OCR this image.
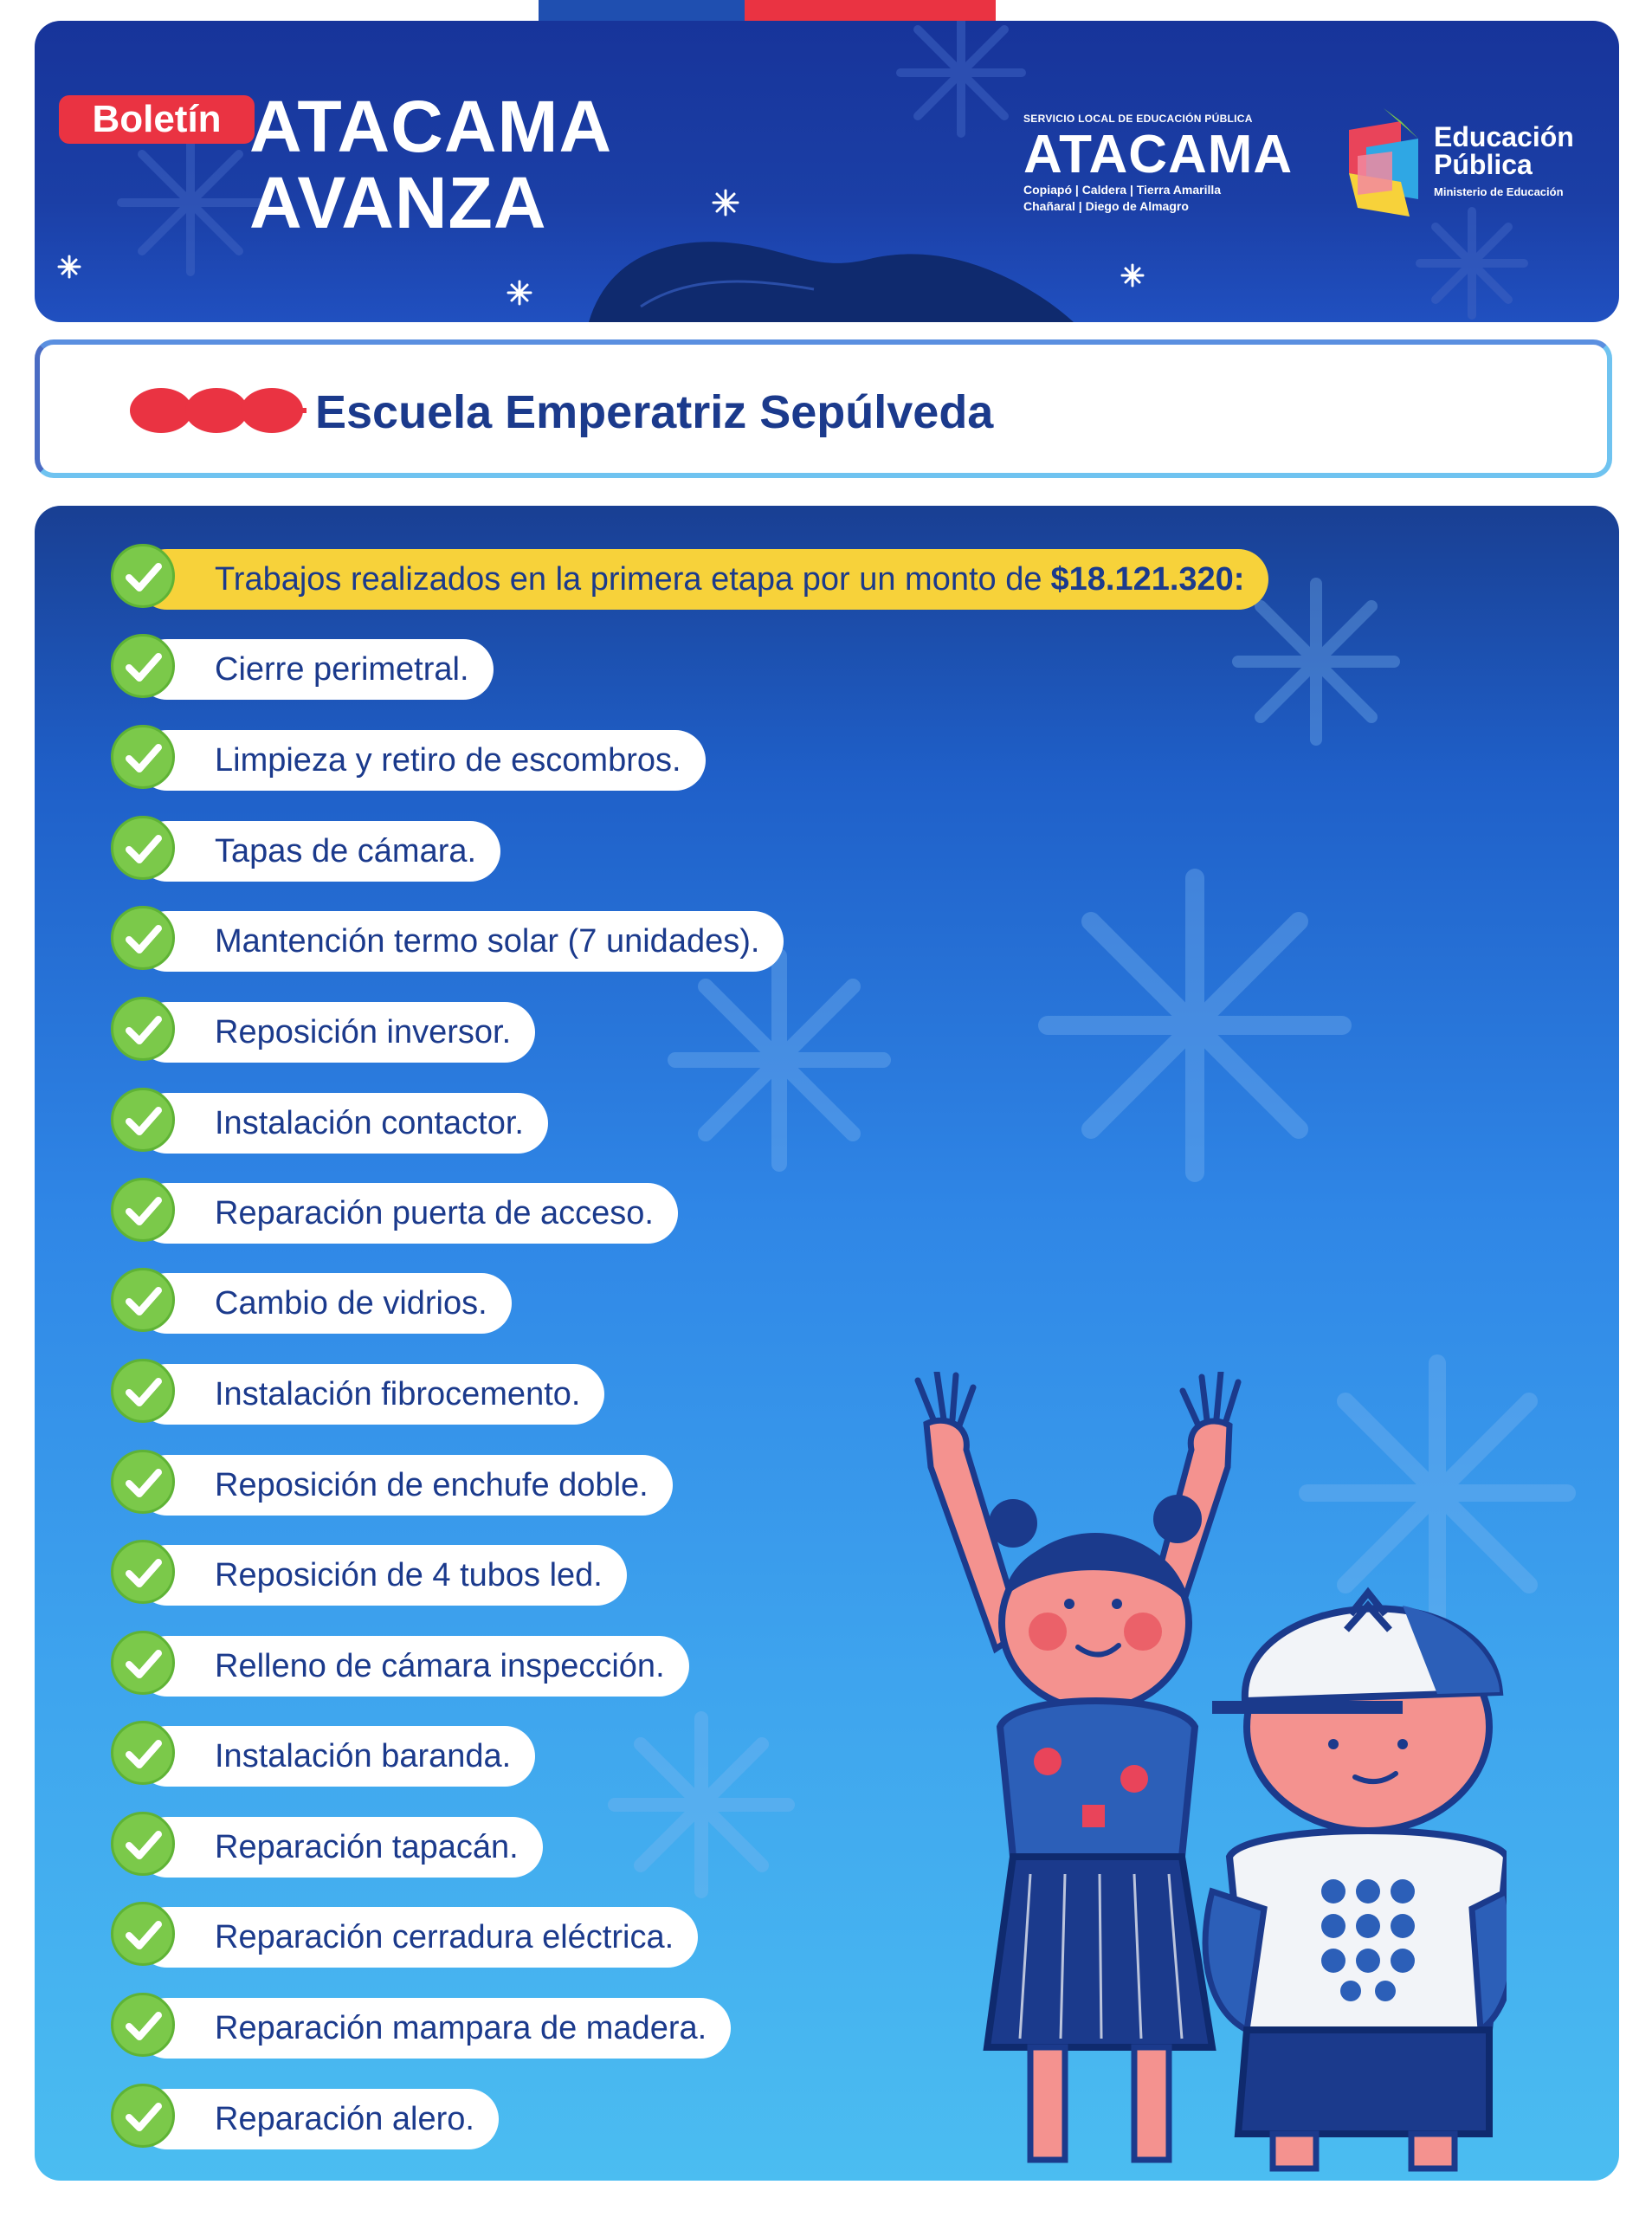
Boletín ATACAMA
AVANZA
SERVICIO LOCAL DE EDUCACIÓN PÚBLICA
ATACAMA
Copiapó | Caldera | Tierra Amarilla
Chañaral | Diego de Almagro
Educación
Pública
Ministerio de Educación
Escuela Emperatriz Sepúlveda
Trabajos realizados en la primera etapa por un monto de $18.121.320:
Cierre perimetral.
Limpieza y retiro de escombros.
Tapas de cámara.
Mantención termo solar (7 unidades).
Reposición inversor.
Instalación contactor.
Reparación puerta de acceso.
Cambio de vidrios.
Instalación fibrocemento.
Reposición de enchufe doble.
Reposición de 4 tubos led.
Relleno de cámara inspección.
Instalación baranda.
Reparación tapacán.
Reparación cerradura eléctrica.
Reparación mampara de madera.
Reparación alero.
